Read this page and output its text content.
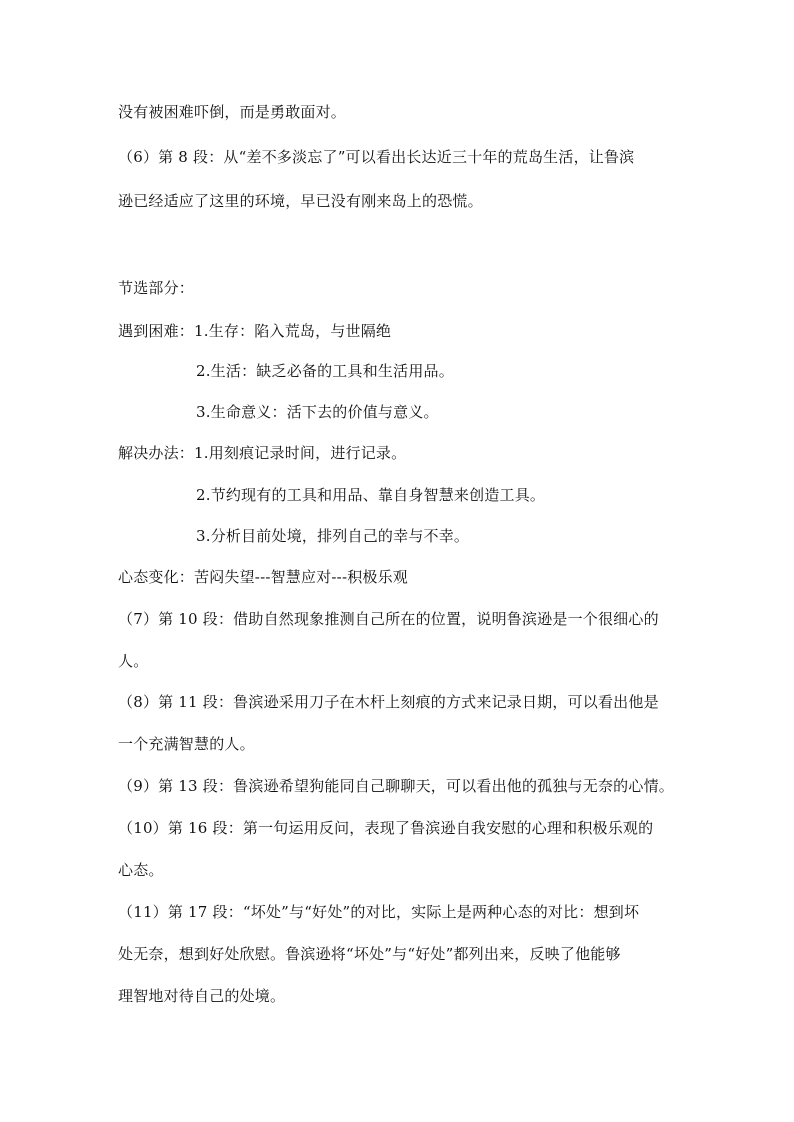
没有被困难吓倒，而是勇敢面对。
（6）第 8 段：从“差不多淡忘了”可以看出长达近三十年的荒岛生活，让鲁滨
逊已经适应了这里的环境，早已没有刚来岛上的恐慌。
节选部分：
遇到困难：1.生存：陷入荒岛，与世隔绝
2.生活：缺乏必备的工具和生活用品。
3.生命意义：活下去的价值与意义。
解决办法：1.用刻痕记录时间，进行记录。
2.节约现有的工具和用品、靠自身智慧来创造工具。
3.分析目前处境，排列自己的幸与不幸。
心态变化：苦闷失望---智慧应对---积极乐观
（7）第 10 段：借助自然现象推测自己所在的位置，说明鲁滨逊是一个很细心的
人。
（8）第 11 段：鲁滨逊采用刀子在木杆上刻痕的方式来记录日期，可以看出他是
一个充满智慧的人。
（9）第 13 段：鲁滨逊希望狗能同自己聊聊天，可以看出他的孤独与无奈的心情。
（10）第 16 段：第一句运用反问，表现了鲁滨逊自我安慰的心理和积极乐观的
心态。
（11）第 17 段：“坏处”与“好处”的对比，实际上是两种心态的对比：想到坏
处无奈，想到好处欣慰。鲁滨逊将“坏处”与“好处”都列出来，反映了他能够
理智地对待自己的处境。
